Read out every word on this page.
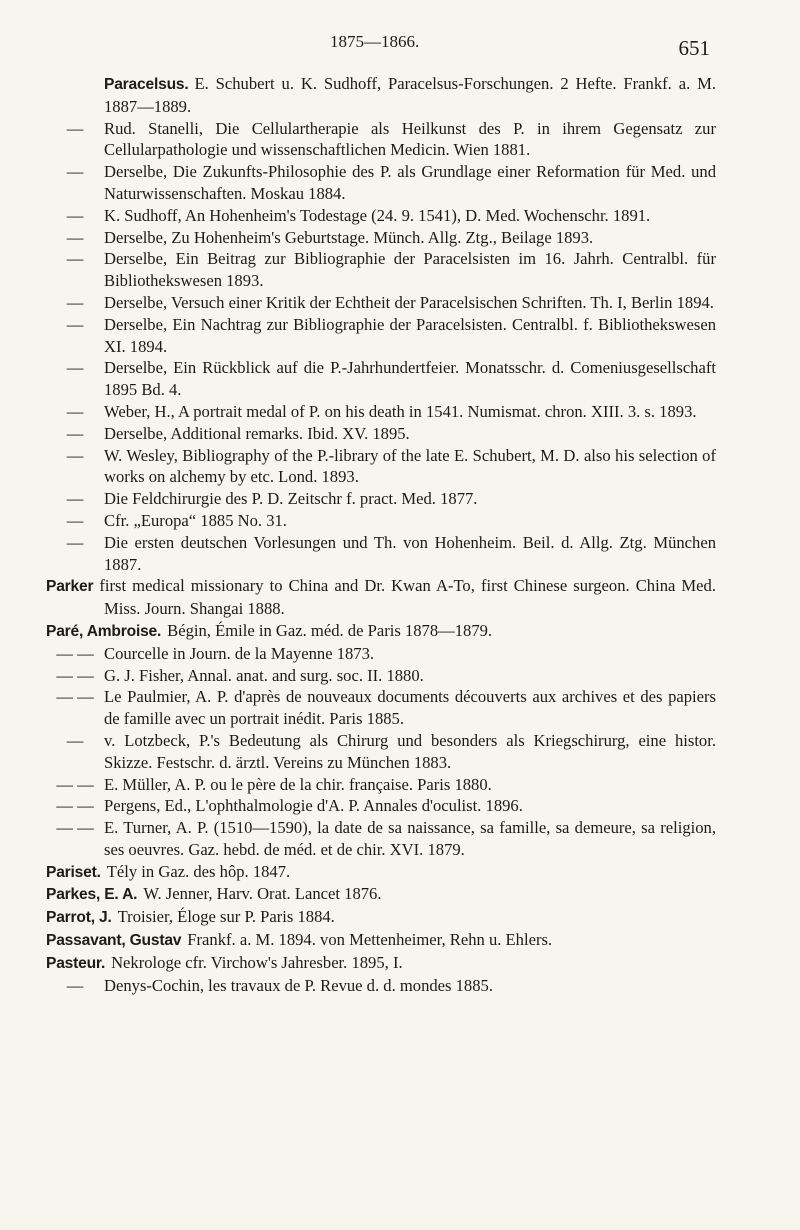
1875—1866.	651
Paracelsus. E. Schubert u. K. Sudhoff, Paracelsus-Forschungen. 2 Hefte. Frankf. a. M. 1887—1889.
— Rud. Stanelli, Die Cellulartherapie als Heilkunst des P. in ihrem Gegensatz zur Cellularpathologie und wissenschaftlichen Medicin. Wien 1881.
— Derselbe, Die Zukunfts-Philosophie des P. als Grundlage einer Reformation für Med. und Naturwissenschaften. Moskau 1884.
— K. Sudhoff, An Hohenheim's Todestage (24. 9. 1541), D. Med. Wochenschr. 1891.
— Derselbe, Zu Hohenheim's Geburtstage. Münch. Allg. Ztg., Beilage 1893.
— Derselbe, Ein Beitrag zur Bibliographie der Paracelsisten im 16. Jahrh. Centralbl. für Bibliothekswesen 1893.
— Derselbe, Versuch einer Kritik der Echtheit der Paracelsischen Schriften. Th. I, Berlin 1894.
— Derselbe, Ein Nachtrag zur Bibliographie der Paracelsisten. Centralbl. f. Bibliothekswesen XI. 1894.
— Derselbe, Ein Rückblick auf die P.-Jahrhundertfeier. Monatsschr. d. Comeniusgesellschaft 1895 Bd. 4.
— Weber, H., A portrait medal of P. on his death in 1541. Numismat. chron. XIII. 3. s. 1893.
— Derselbe, Additional remarks. Ibid. XV. 1895.
— W. Wesley, Bibliography of the P.-library of the late E. Schubert, M. D. also his selection of works on alchemy by etc. Lond. 1893.
— Die Feldchirurgie des P. D. Zeitschr f. pract. Med. 1877.
— Cfr. „Europa“ 1885 No. 31.
— Die ersten deutschen Vorlesungen und Th. von Hohenheim. Beil. d. Allg. Ztg. München 1887.
Parker first medical missionary to China and Dr. Kwan A-To, first Chinese surgeon. China Med. Miss. Journ. Shangai 1888.
Paré, Ambroise. Bégin, Émile in Gaz. méd. de Paris 1878—1879.
— — Courcelle in Journ. de la Mayenne 1873.
— — G. J. Fisher, Annal. anat. and surg. soc. II. 1880.
— — Le Paulmier, A. P. d'après de nouveaux documents découverts aux archives et des papiers de famille avec un portrait inédit. Paris 1885.
— v. Lotzbeck, P.'s Bedeutung als Chirurg und besonders als Kriegschirurg, eine histor. Skizze. Festschr. d. ärztl. Vereins zu München 1883.
— — E. Müller, A. P. ou le père de la chir. française. Paris 1880.
— — Pergens, Ed., L'ophthalmologie d'A. P. Annales d'oculist. 1896.
— — E. Turner, A. P. (1510—1590), la date de sa naissance, sa famille, sa demeure, sa religion, ses oeuvres. Gaz. hebd. de méd. et de chir. XVI. 1879.
Pariset. Tély in Gaz. des hôp. 1847.
Parkes, E. A. W. Jenner, Harv. Orat. Lancet 1876.
Parrot, J. Troisier, Éloge sur P. Paris 1884.
Passavant, Gustav Frankf. a. M. 1894. von Mettenheimer, Rehn u. Ehlers.
Pasteur. Nekrologe cfr. Virchow's Jahresber. 1895, I.
— Denys-Cochin, les travaux de P. Revue d. d. mondes 1885.
